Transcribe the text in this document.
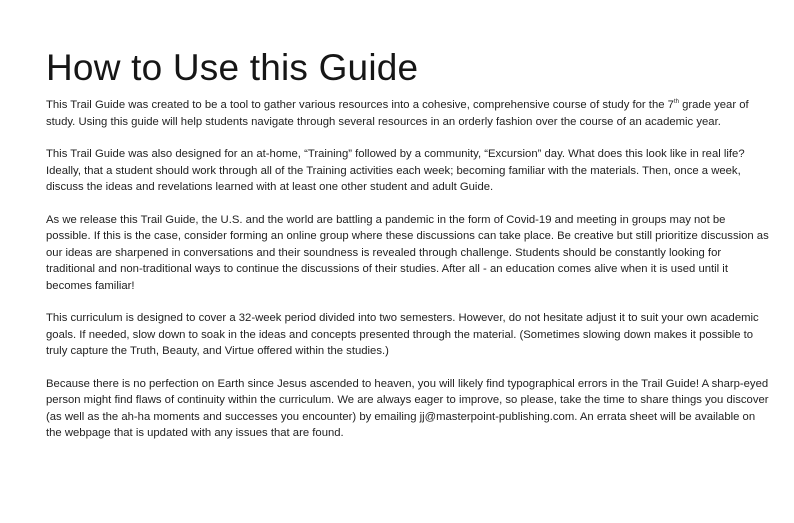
How to Use this Guide

This Trail Guide was created to be a tool to gather various resources into a cohesive, comprehensive course of study for the 7th grade year of study. Using this guide will help students navigate through several resources in an orderly fashion over the course of an academic year.

This Trail Guide was also designed for an at-home, “Training” followed by a community, “Excursion” day. What does this look like in real life? Ideally, that a student should work through all of the Training activities each week; becoming familiar with the materials. Then, once a week, discuss the ideas and revelations learned with at least one other student and adult Guide.

As we release this Trail Guide, the U.S. and the world are battling a pandemic in the form of Covid-19 and meeting in groups may not be possible. If this is the case, consider forming an online group where these discussions can take place. Be creative but still prioritize discussion as our ideas are sharpened in conversations and their soundness is revealed through challenge. Students should be constantly looking for traditional and non-traditional ways to continue the discussions of their studies. After all - an education comes alive when it is used until it becomes familiar!

This curriculum is designed to cover a 32-week period divided into two semesters. However, do not hesitate adjust it to suit your own academic goals. If needed, slow down to soak in the ideas and concepts presented through the material. (Sometimes slowing down makes it possible to truly capture the Truth, Beauty, and Virtue offered within the studies.)

Because there is no perfection on Earth since Jesus ascended to heaven, you will likely find typographical errors in the Trail Guide! A sharp-eyed person might find flaws of continuity within the curriculum. We are always eager to improve, so please, take the time to share things you discover (as well as the ah-ha moments and successes you encounter) by emailing jj@masterpoint-publishing.com. An errata sheet will be available on the webpage that is updated with any issues that are found.
